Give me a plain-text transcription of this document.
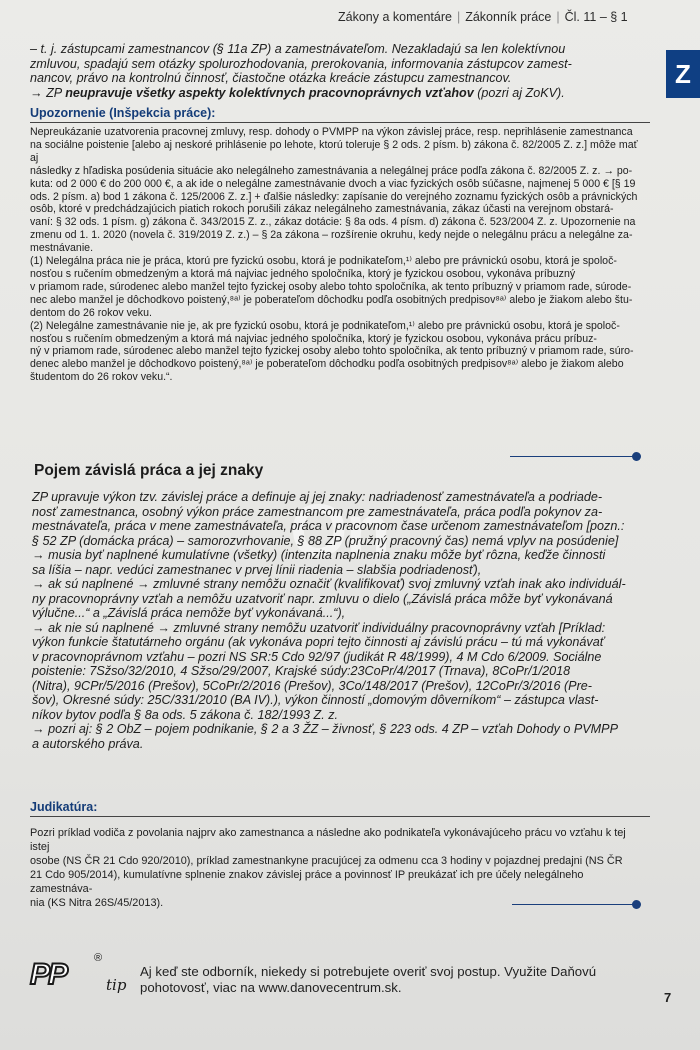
Zákony a komentáre | Zákonník práce | Čl. 11 – § 1
Z
– t. j. zástupcami zamestnancov (§ 11a ZP) a zamestnávateľom. Nezakladajú sa len kolektívnou
zmluvou, spadajú sem otázky spolurozhodovania, prerokovania, informovania zástupcov zamest-
nancov, právo na kontrolnú činnosť, čiastočne otázka kreácie zástupcu zamestnancov.
→ ZP neupravuje všetky aspekty kolektívnych pracovnoprávnych vzťahov (pozri aj ZoKV).
Upozornenie (Inšpekcia práce):
Nepreukázanie uzatvorenia pracovnej zmluvy, resp. dohody o PVMPP na výkon závislej práce, resp. neprihlásenie zamestnanca
na sociálne poistenie [alebo aj neskoré prihlásenie po lehote, ktorú toleruje § 2 ods. 2 písm. b) zákona č. 82/2005 Z. z.] môže mať aj
následky z hľadiska posúdenia situácie ako nelegálneho zamestnávania a nelegálnej práce podľa zákona č. 82/2005 Z. z. → po-
kuta: od 2 000 € do 200 000 €, a ak ide o nelegálne zamestnávanie dvoch a viac fyzických osôb súčasne, najmenej 5 000 € [§ 19
ods. 2 písm. a) bod 1 zákona č. 125/2006 Z. z.] + ďalšie následky: zapísanie do verejného zoznamu fyzických osôb a právnických
osôb, ktoré v predchádzajúcich piatich rokoch porušili zákaz nelegálneho zamestnávania, zákaz účasti na verejnom obstará-
vaní: § 32 ods. 1 písm. g) zákona č. 343/2015 Z. z., zákaz dotácie: § 8a ods. 4 písm. d) zákona č. 523/2004 Z. z. Upozornenie na
zmenu od 1. 1. 2020 (novela č. 319/2019 Z. z.) – § 2a zákona – rozšírenie okruhu, kedy nejde o nelegálnu prácu a nelegálne za-
mestnávanie.
(1) Nelegálna práca nie je práca, ktorú pre fyzickú osobu, ktorá je podnikateľom,¹⁾ alebo pre právnickú osobu, ktorá je spoloč-
nosťou s ručením obmedzeným a ktorá má najviac jedného spoločníka, ktorý je fyzickou osobou, vykonáva príbuzný
v priamom rade, súrodenec alebo manžel tejto fyzickej osoby alebo tohto spoločníka, ak tento príbuzný v priamom rade, súrode-
nec alebo manžel je dôchodkovo poistený,⁸ᵃ⁾ je poberateľom dôchodku podľa osobitných predpisov⁸ᵃ⁾ alebo je žiakom alebo štu-
dentom do 26 rokov veku.
(2) Nelegálne zamestnávanie nie je, ak pre fyzickú osobu, ktorá je podnikateľom,¹⁾ alebo pre právnickú osobu, ktorá je spoloč-
nosťou s ručením obmedzeným a ktorá má najviac jedného spoločníka, ktorý je fyzickou osobou, vykonáva prácu príbuz-
ný v priamom rade, súrodenec alebo manžel tejto fyzickej osoby alebo tohto spoločníka, ak tento príbuzný v priamom rade, súro-
denec alebo manžel je dôchodkovo poistený,⁸ᵃ⁾ je poberateľom dôchodku podľa osobitných predpisov⁸ᵃ⁾ alebo je žiakom alebo
študentom do 26 rokov veku.“.
Pojem závislá práca a jej znaky
On
ZP upravuje výkon tzv. závislej práce a definuje aj jej znaky: nadriadenosť zamestnávateľa a podriade-
nosť zamestnanca, osobný výkon práce zamestnancom pre zamestnávateľa, práca podľa pokynov za-
mestnávateľa, práca v mene zamestnávateľa, práca v pracovnom čase určenom zamestnávateľom [pozn.:
§ 52 ZP (domácka práca) – samorozvrhovanie, § 88 ZP (pružný pracovný čas) nemá vplyv na posúdenie]
→ musia byť naplnené kumulatívne (všetky) (intenzita naplnenia znaku môže byť rôzna, keďže činnosti
sa líšia – napr. vedúci zamestnanec v prvej línii riadenia – slabšia podriadenosť),
→ ak sú naplnené → zmluvné strany nemôžu označiť (kvalifikovať) svoj zmluvný vzťah inak ako individuál-
ny pracovnoprávny vzťah a nemôžu uzatvoriť napr. zmluvu o dielo („Závislá práca môže byť vykonávaná
výlučne...“ a „Závislá práca nemôže byť vykonávaná...“),
→ ak nie sú naplnené → zmluvné strany nemôžu uzatvoriť individuálny pracovnoprávny vzťah [Príklad:
výkon funkcie štatutárneho orgánu (ak vykonáva popri tejto činnosti aj závislú prácu – tú má vykonávať
v pracovnoprávnom vzťahu – pozri NS SR:5 Cdo 92/97 (judikát R 48/1999), 4 M Cdo 6/2009. Sociálne
poistenie: 7Sžso/32/2010, 4 Sžso/29/2007, Krajské súdy:23CoPr/4/2017 (Trnava), 8CoPr/1/2018
(Nitra), 9CPr/5/2016 (Prešov), 5CoPr/2/2016 (Prešov), 3Co/148/2017 (Prešov), 12CoPr/3/2016 (Pre-
šov), Okresné súdy: 25C/331/2010 (BA IV).), výkon činností „domovým dôverníkom“ – zástupca vlast-
níkov bytov podľa § 8a ods. 5 zákona č. 182/1993 Z. z.
→ pozri aj: § 2 ObZ – pojem podnikanie, § 2 a 3 ŽZ – živnosť, § 223 ods. 4 ZP – vzťah Dohody o PVMPP
a autorského práva.
Judikatúra:
Pozri príklad vodiča z povolania najprv ako zamestnanca a následne ako podnikateľa vykonávajúceho prácu vo vzťahu k tej istej
osobe (NS ČR 21 Cdo 920/2010), príklad zamestnankyne pracujúcej za odmenu cca 3 hodiny v pojazdnej predajni (NS ČR
21 Cdo 905/2014), kumulatívne splnenie znakov závislej práce a povinnosť IP preukázať ich pre účely nelegálneho zamestnáva-
nia (KS Nitra 26S/45/2013).
PP	®
tip
Aj keď ste odborník, niekedy si potrebujete overiť svoj postup. Využite Daňovú pohotovosť, viac na www.danovecentrum.sk.
7
